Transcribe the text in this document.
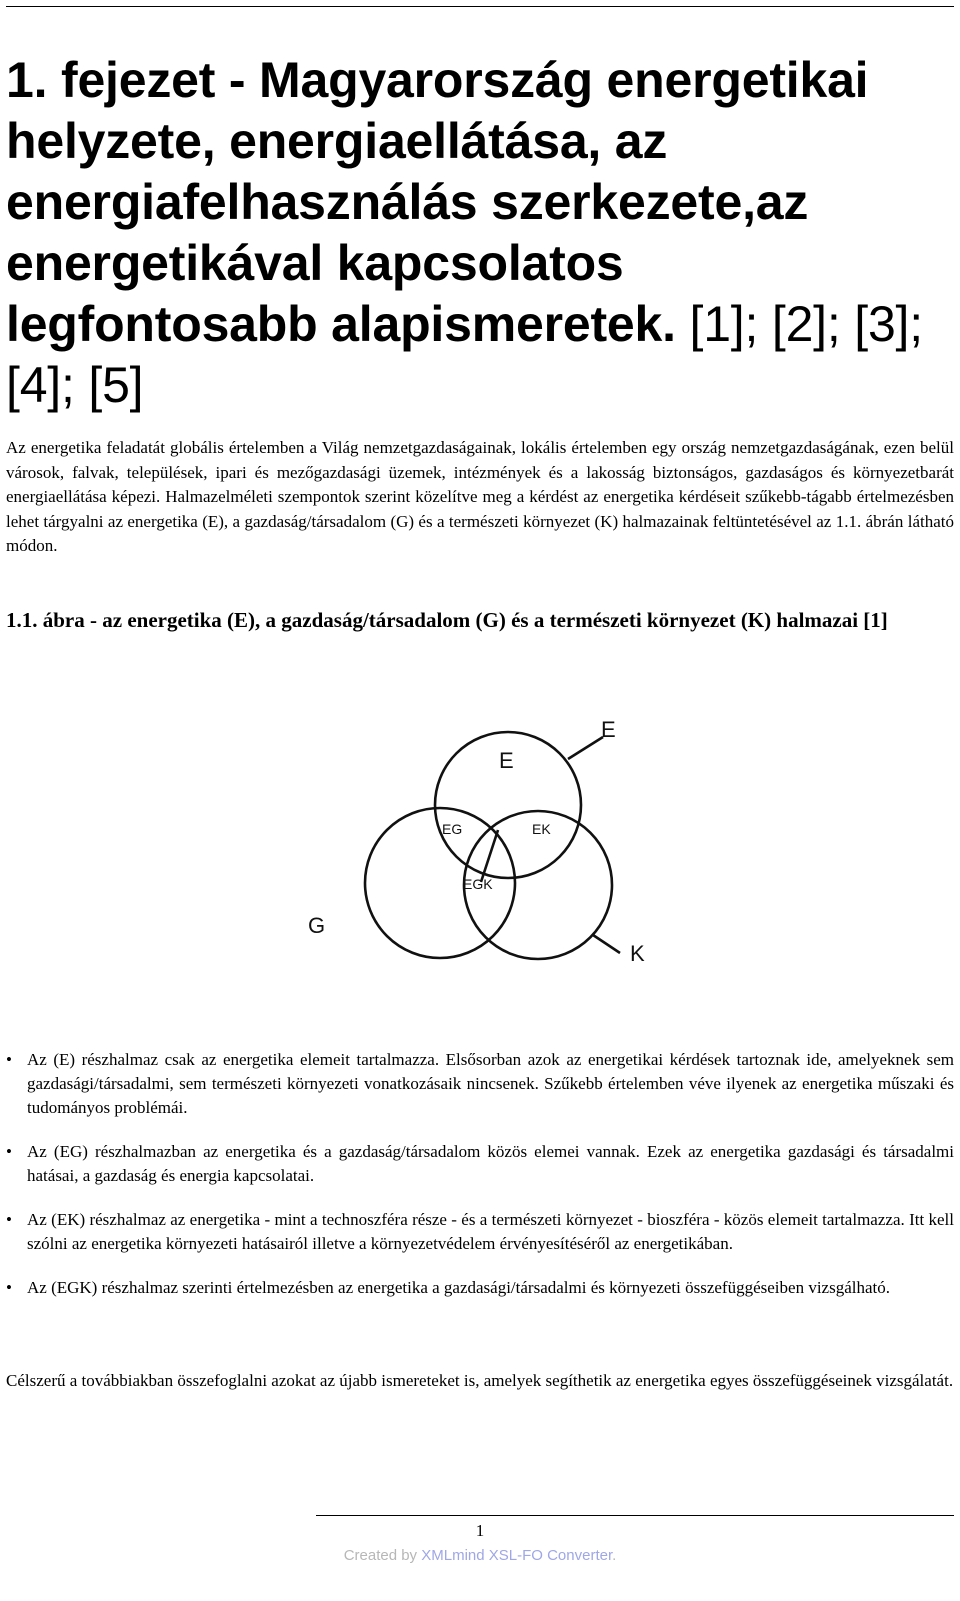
1. fejezet - Magyarország energetikai helyzete, energiaellátása, az energiafelhasználás szerkezete,az energetikával kapcsolatos legfontosabb alapismeretek. [1]; [2]; [3]; [4]; [5]

Az energetika feladatát globális értelemben a Világ nemzetgazdaságainak, lokális értelemben egy ország nemzetgazdaságának, ezen belül városok, falvak, települések, ipari és mezőgazdasági üzemek, intézmények és a lakosság biztonságos, gazdaságos és környezetbarát energiaellátása képezi. Halmazelméleti szempontok szerint közelítve meg a kérdést az energetika kérdéseit szűkebb-tágabb értelmezésben lehet tárgyalni az energetika (E), a gazdaság/társadalom (G) és a természeti környezet (K) halmazainak feltüntetésével az 1.1. ábrán látható módon.

1.1. ábra - az energetika (E), a gazdaság/társadalom (G) és a természeti környezet (K) halmazai [1]

E
E
EG	EK
EGK
G
K
• Az (E) részhalmaz csak az energetika elemeit tartalmazza. Elsősorban azok az energetikai kérdések tartoznak ide, amelyeknek sem gazdasági/társadalmi, sem természeti környezeti vonatkozásaik nincsenek. Szűkebb értelemben véve ilyenek az energetika műszaki és tudományos problémái.
• Az (EG) részhalmazban az energetika és a gazdaság/társadalom közös elemei vannak. Ezek az energetika gazdasági és társadalmi hatásai, a gazdaság és energia kapcsolatai.
• Az (EK) részhalmaz az energetika - mint a technoszféra része - és a természeti környezet - bioszféra - közös elemeit tartalmazza. Itt kell szólni az energetika környezeti hatásairól illetve a környezetvédelem érvényesítéséről az energetikában.
• Az (EGK) részhalmaz szerinti értelmezésben az energetika a gazdasági/társadalmi és környezeti összefüggéseiben vizsgálható.

Célszerű a továbbiakban összefoglalni azokat az újabb ismereteket is, amelyek segíthetik az energetika egyes összefüggéseinek vizsgálatát.

1
Created by XMLmind XSL-FO Converter.
